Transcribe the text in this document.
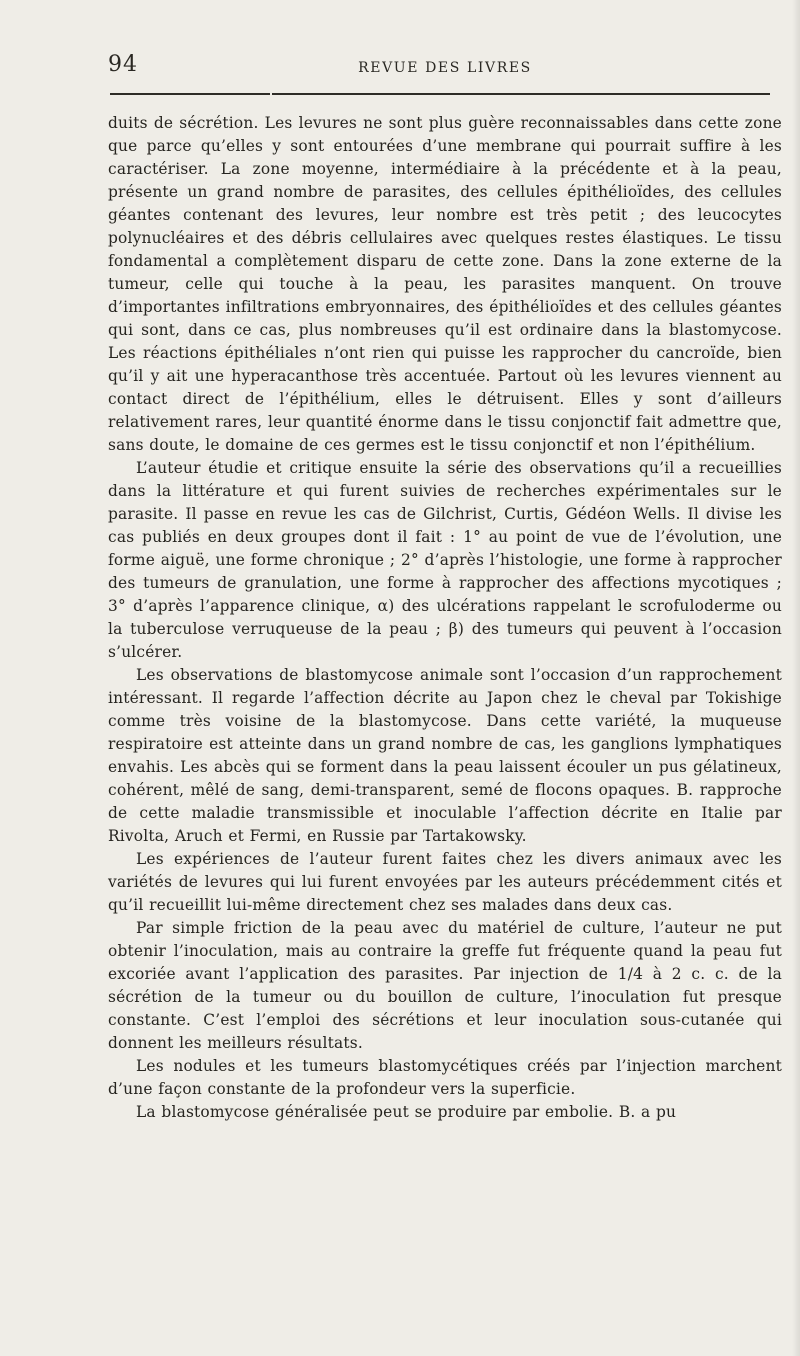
94	REVUE DES LIVRES

duits de sécrétion. Les levures ne sont plus guère reconnaissables dans cette zone que parce qu’elles y sont entourées d’une membrane qui pourrait suffire à les caractériser. La zone moyenne, intermédiaire à la précédente et à la peau, présente un grand nombre de parasites, des cellules épithélioïdes, des cellules géantes contenant des levures, leur nombre est très petit ; des leucocytes polynucléaires et des débris cellulaires avec quelques restes élastiques. Le tissu fondamental a complètement disparu de cette zone. Dans la zone externe de la tumeur, celle qui touche à la peau, les parasites manquent. On trouve d’importantes infiltrations embryonnaires, des épithélioïdes et des cellules géantes qui sont, dans ce cas, plus nombreuses qu’il est ordinaire dans la blastomycose. Les réactions épithéliales n’ont rien qui puisse les rapprocher du cancroïde, bien qu’il y ait une hyperacanthose très accentuée. Partout où les levures viennent au contact direct de l’épithélium, elles le détruisent. Elles y sont d’ailleurs relativement rares, leur quantité énorme dans le tissu conjonctif fait admettre que, sans doute, le domaine de ces germes est le tissu conjonctif et non l’épithélium.

L’auteur étudie et critique ensuite la série des observations qu’il a recueillies dans la littérature et qui furent suivies de recherches expérimentales sur le parasite. Il passe en revue les cas de Gilchrist, Curtis, Gédéon Wells. Il divise les cas publiés en deux groupes dont il fait : 1° au point de vue de l’évolution, une forme aiguë, une forme chronique ; 2° d’après l’histologie, une forme à rapprocher des tumeurs de granulation, une forme à rapprocher des affections mycotiques ; 3° d’après l’apparence clinique, α) des ulcérations rappelant le scrofuloderme ou la tuberculose verruqueuse de la peau ; β) des tumeurs qui peuvent à l’occasion s’ulcérer.

Les observations de blastomycose animale sont l’occasion d’un rapprochement intéressant. Il regarde l’affection décrite au Japon chez le cheval par Tokishige comme très voisine de la blastomycose. Dans cette variété, la muqueuse respiratoire est atteinte dans un grand nombre de cas, les ganglions lymphatiques envahis. Les abcès qui se forment dans la peau laissent écouler un pus gélatineux, cohérent, mêlé de sang, demi-transparent, semé de flocons opaques. B. rapproche de cette maladie transmissible et inoculable l’affection décrite en Italie par Rivolta, Aruch et Fermi, en Russie par Tartakowsky.

Les expériences de l’auteur furent faites chez les divers animaux avec les variétés de levures qui lui furent envoyées par les auteurs précédemment cités et qu’il recueillit lui-même directement chez ses malades dans deux cas.

Par simple friction de la peau avec du matériel de culture, l’auteur ne put obtenir l’inoculation, mais au contraire la greffe fut fréquente quand la peau fut excoriée avant l’application des parasites. Par injection de 1/4 à 2 c. c. de la sécrétion de la tumeur ou du bouillon de culture, l’inoculation fut presque constante. C’est l’emploi des sécrétions et leur inoculation sous-cutanée qui donnent les meilleurs résultats.

Les nodules et les tumeurs blastomycétiques créés par l’injection marchent d’une façon constante de la profondeur vers la superficie.

La blastomycose généralisée peut se produire par embolie. B. a pu
